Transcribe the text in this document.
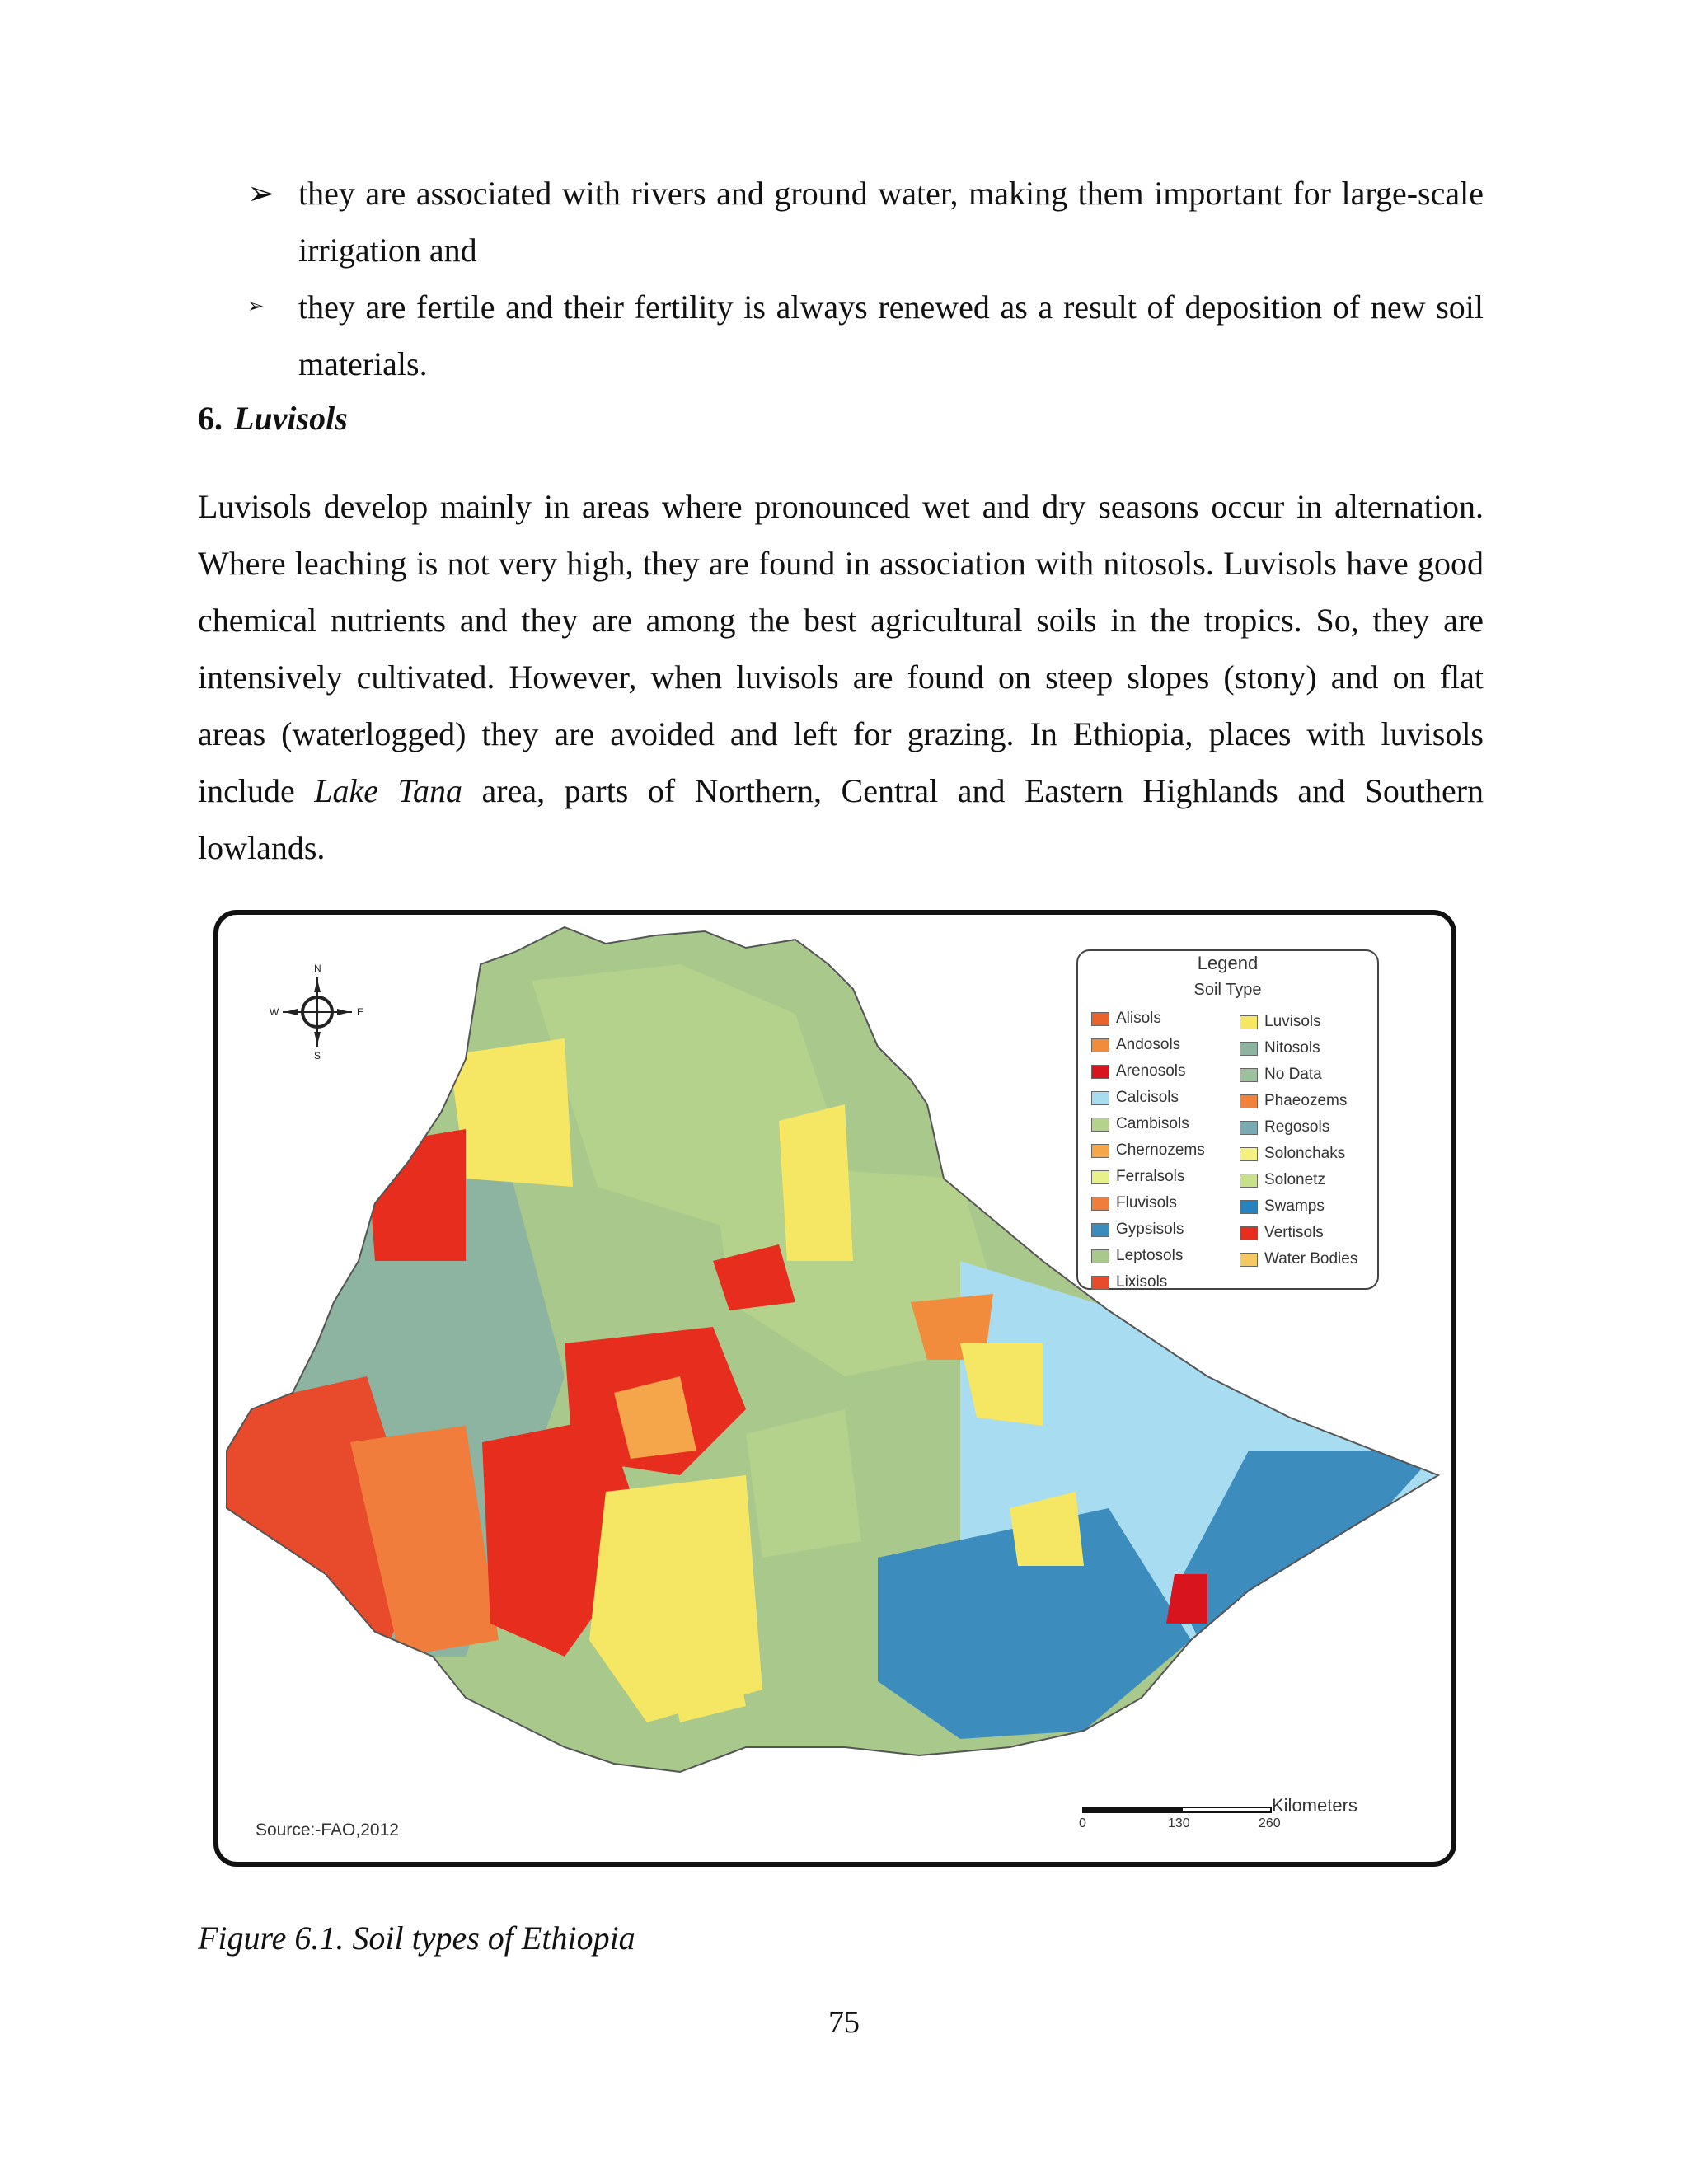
➢ they are associated with rivers and ground water, making them important for large-scale irrigation and
➢	they are fertile and their fertility is always renewed as a result of deposition of new soil materials.
6. Luvisols
Luvisols develop mainly in areas where pronounced wet and dry seasons occur in alternation. Where leaching is not very high, they are found in association with nitosols. Luvisols have good chemical nutrients and they are among the best agricultural soils in the tropics. So, they are intensively cultivated. However, when luvisols are found on steep slopes (stony) and on flat areas (waterlogged) they are avoided and left for grazing. In Ethiopia, places with luvisols include Lake Tana area, parts of Northern, Central and Eastern Highlands and Southern lowlands.
N
S
W	E
Legend
Soil Type
Alisols
Andosols
Arenosols
Calcisols
Cambisols
Chernozems
Ferralsols
Fluvisols
Gypsisols
Leptosols
Lixisols
Luvisols
Nitosols
No Data
Phaeozems
Regosols
Solonchaks
Solonetz
Swamps
Vertisols
Water Bodies
Kilometers
0	130	260
Source:-FAO,2012
Figure 6.1. Soil types of Ethiopia
75
